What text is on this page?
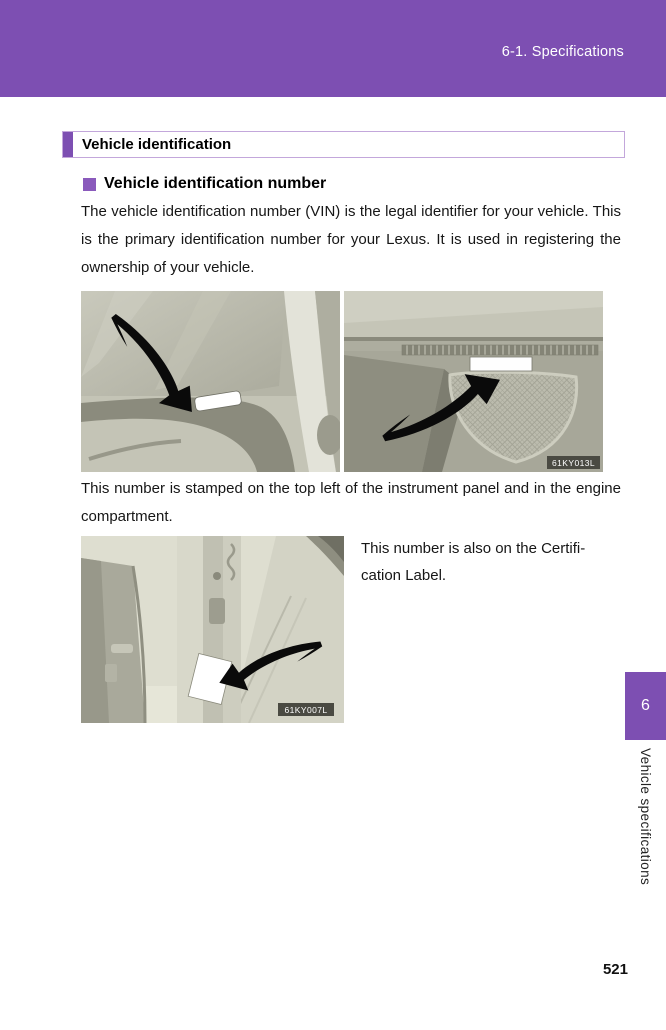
6-1. Specifications
Vehicle identification
Vehicle identification number
The vehicle identification number (VIN) is the legal identifier for your vehicle. This is the primary identification number for your Lexus. It is used in registering the ownership of your vehicle.
61KY013L
This number is stamped on the top left of the instrument panel and in the engine compartment.
61KY007L
This number is also on the Certifi-
cation Label.
6
Vehicle specifications
521
